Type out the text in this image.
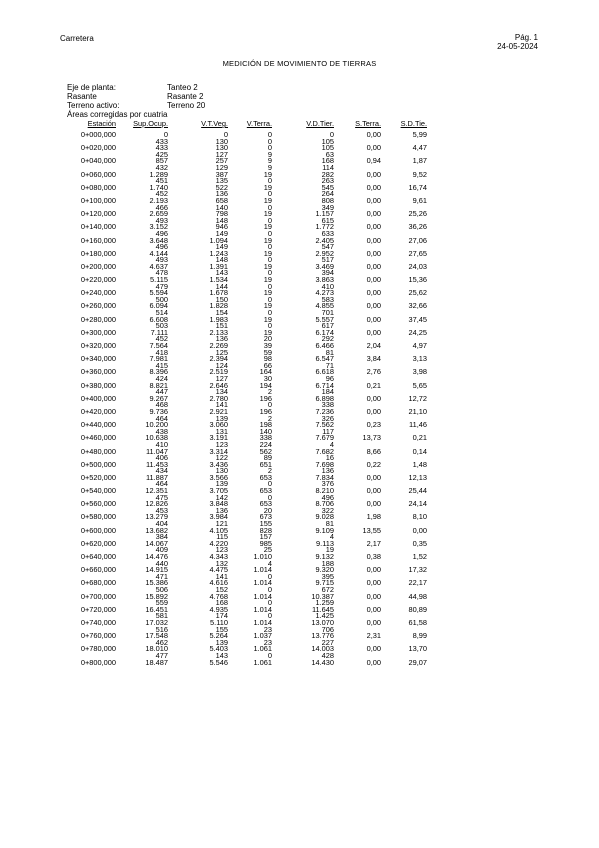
Carretera	Pág. 1
24-05-2024
MEDICIÓN DE MOVIMIENTO DE TIERRAS
Eje de planta:	Tanteo 2
Rasante	Rasante 2
Terreno activo:	Terreno 20
Áreas corregidas por cuatria
Estación	Sup.Ocup.	V.T.Veg.	V.Terra.	V.D.Tier.	S.Terra.	S.D.Tie.
0+000,000	0	0	0	0	0,00	5,99
	433	130	0	105		
0+020,000	433	130	0	105	0,00	4,47
	425	127	9	63		
0+040,000	857	257	9	168	0,94	1,87
	432	129	9	114		
0+060,000	1.289	387	19	282	0,00	9,52
	451	135	0	263		
0+080,000	1.740	522	19	545	0,00	16,74
	452	136	0	264		
0+100,000	2.193	658	19	808	0,00	9,61
	466	140	0	349		
0+120,000	2.659	798	19	1.157	0,00	25,26
	493	148	0	615		
0+140,000	3.152	946	19	1.772	0,00	36,26
	496	149	0	633		
0+160,000	3.648	1.094	19	2.405	0,00	27,06
	496	149	0	547		
0+180,000	4.144	1.243	19	2.952	0,00	27,65
	493	148	0	517		
0+200,000	4.637	1.391	19	3.469	0,00	24,03
	478	143	0	394		
0+220,000	5.115	1.534	19	3.863	0,00	15,36
	479	144	0	410		
0+240,000	5.594	1.678	19	4.273	0,00	25,62
	500	150	0	583		
0+260,000	6.094	1.828	19	4.855	0,00	32,66
	514	154	0	701		
0+280,000	6.608	1.983	19	5.557	0,00	37,45
	503	151	0	617		
0+300,000	7.111	2.133	19	6.174	0,00	24,25
	452	136	20	292		
0+320,000	7.564	2.269	39	6.466	2,04	4,97
	418	125	59	81		
0+340,000	7.981	2.394	98	6.547	3,84	3,13
	415	124	66	71		
0+360,000	8.396	2.519	164	6.618	2,76	3,98
	424	127	30	96		
0+380,000	8.821	2.646	194	6.714	0,21	5,65
	447	134	2	184		
0+400,000	9.267	2.780	196	6.898	0,00	12,72
	468	141	0	338		
0+420,000	9.736	2.921	196	7.236	0,00	21,10
	464	139	2	326		
0+440,000	10.200	3.060	198	7.562	0,23	11,46
	438	131	140	117		
0+460,000	10.638	3.191	338	7.679	13,73	0,21
	410	123	224	4		
0+480,000	11.047	3.314	562	7.682	8,66	0,14
	406	122	89	16		
0+500,000	11.453	3.436	651	7.698	0,22	1,48
	434	130	2	136		
0+520,000	11.887	3.566	653	7.834	0,00	12,13
	464	139	0	376		
0+540,000	12.351	3.705	653	8.210	0,00	25,44
	475	142	0	496		
0+560,000	12.826	3.848	653	8.706	0,00	24,14
	453	136	20	322		
0+580,000	13.279	3.984	673	9.028	1,98	8,10
	404	121	155	81		
0+600,000	13.682	4.105	828	9.109	13,55	0,00
	384	115	157	4		
0+620,000	14.067	4.220	985	9.113	2,17	0,35
	409	123	25	19		
0+640,000	14.476	4.343	1.010	9.132	0,38	1,52
	440	132	4	188		
0+660,000	14.915	4.475	1.014	9.320	0,00	17,32
	471	141	0	395		
0+680,000	15.386	4.616	1.014	9.715	0,00	22,17
	506	152	0	672		
0+700,000	15.892	4.768	1.014	10.387	0,00	44,98
	559	168	0	1.259		
0+720,000	16.451	4.935	1.014	11.645	0,00	80,89
	581	174	0	1.425		
0+740,000	17.032	5.110	1.014	13.070	0,00	61,58
	516	155	23	706		
0+760,000	17.548	5.264	1.037	13.776	2,31	8,99
	462	139	23	227		
0+780,000	18.010	5.403	1.061	14.003	0,00	13,70
	477	143	0	428		
0+800,000	18.487	5.546	1.061	14.430	0,00	29,07
